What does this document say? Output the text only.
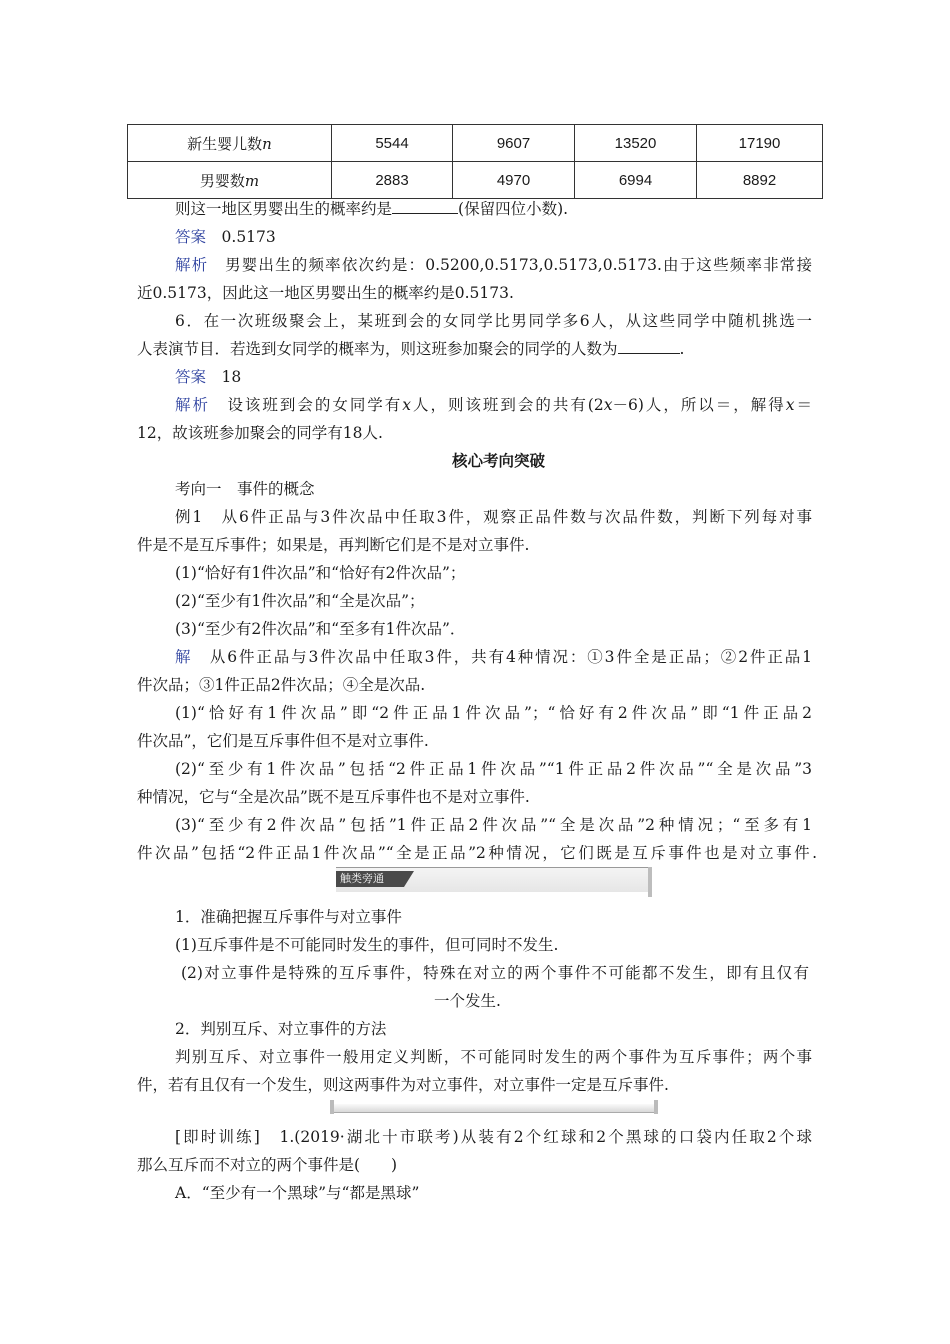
新生婴儿数n	5544	9607	13520	17190
男婴数m	2883	4970	6994	8892
则这一地区男婴出生的概率约是	(保留四位小数).
答案　 0.5173
解析　 男婴出生的频率依次约是：0.5200,0.5173,0.5173,0.5173.由于这些频率非常接
近0.5173，因此这一地区男婴出生的概率约是0.5173.
6．在一次班级聚会上，某班到会的女同学比男同学多6人，从这些同学中随机挑选一
人表演节目．若选到女同学的概率为，则这班参加聚会的同学的人数为	.
答案　 18
解析　 设该班到会的女同学有x人，则该班到会的共有(2x－6)人，所以＝，解得x＝
12，故该班参加聚会的同学有18人.
核心考向突破
考向一　事件的概念
例1　从6件正品与3件次品中任取3件，观察正品件数与次品件数，判断下列每对事
件是不是互斥事件；如果是，再判断它们是不是对立事件.
(1)“恰好有1件次品”和“恰好有2件次品”；
(2)“至少有1件次品”和“全是次品”；
(3)“至少有2件次品”和“至多有1件次品”．
解　 从6件正品与3件次品中任取3件，共有4种情况：①3件全是正品；②2件正品1
件次品；③1件正品2件次品；④全是次品.
(1)“恰好有1件次品”即“2件正品1件次品”；“恰好有2件次品”即“1件正品2
件次品”，它们是互斥事件但不是对立事件.
(2)“至少有1件次品”包括“2件正品1件次品”“1件正品2件次品”“全是次品”3
种情况，它与“全是次品”既不是互斥事件也不是对立事件.
(3)“至少有2件次品”包括”1件正品2件次品”“全是次品”2种情况；“至多有1
件次品”包括“2件正品1件次品”“全是正品”2种情况，它们既是互斥事件也是对立事件.
触类旁通
1．准确把握互斥事件与对立事件
(1)互斥事件是不可能同时发生的事件，但可同时不发生.
(2)对立事件是特殊的互斥事件，特殊在对立的两个事件不可能都不发生，即有且仅有
一个发生.
2．判别互斥、对立事件的方法
判别互斥、对立事件一般用定义判断，不可能同时发生的两个事件为互斥事件；两个事
件，若有且仅有一个发生，则这两事件为对立事件，对立事件一定是互斥事件.
[即时训练]　1.(2019·湖北十市联考)从装有2个红球和2个黑球的口袋内任取2个球
那么互斥而不对立的两个事件是(　　)
A．“至少有一个黑球”与“都是黑球”
